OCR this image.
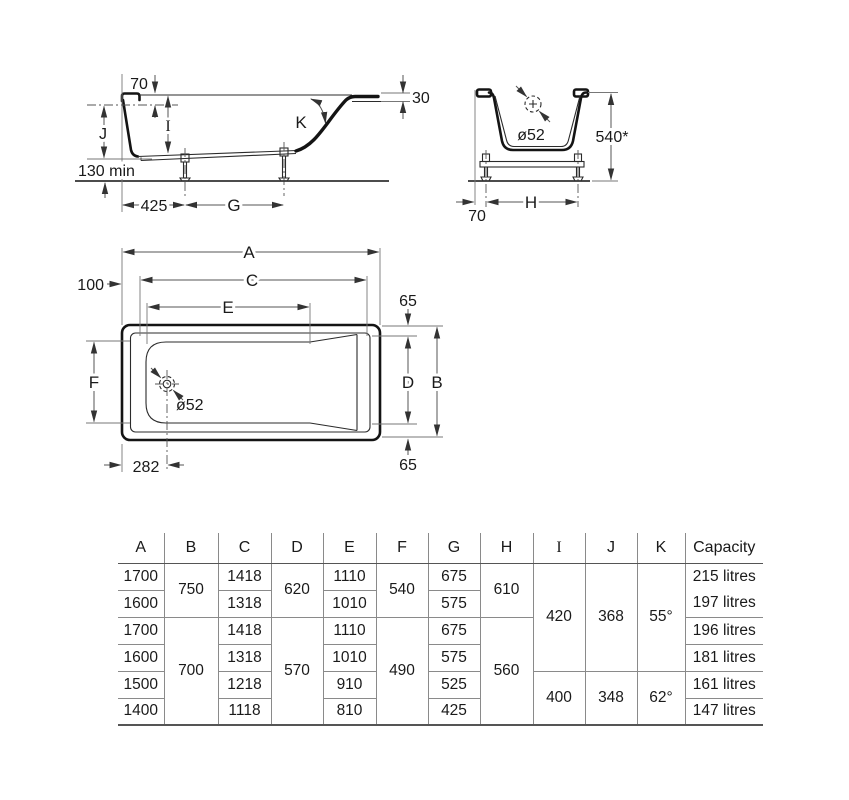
70
J	I
130 min
K
30
425	G
ø52	540*
70
H
ø52
A
C
E
100
65
B
D
65
F
282
A	B	C	D	E	F	G	H	I	J	K	Capacity
1700	750	1418	620	1110	540	675	610	420	368	55°	215 litres
1600		1318		1010		575					197 litres
1700	700	1418	570	1110	490	675	560				196 litres
1600		1318		1010		575					181 litres
1500		1218		910		525		400	348	62°	161 litres
1400		1118		810		425					147 litres
